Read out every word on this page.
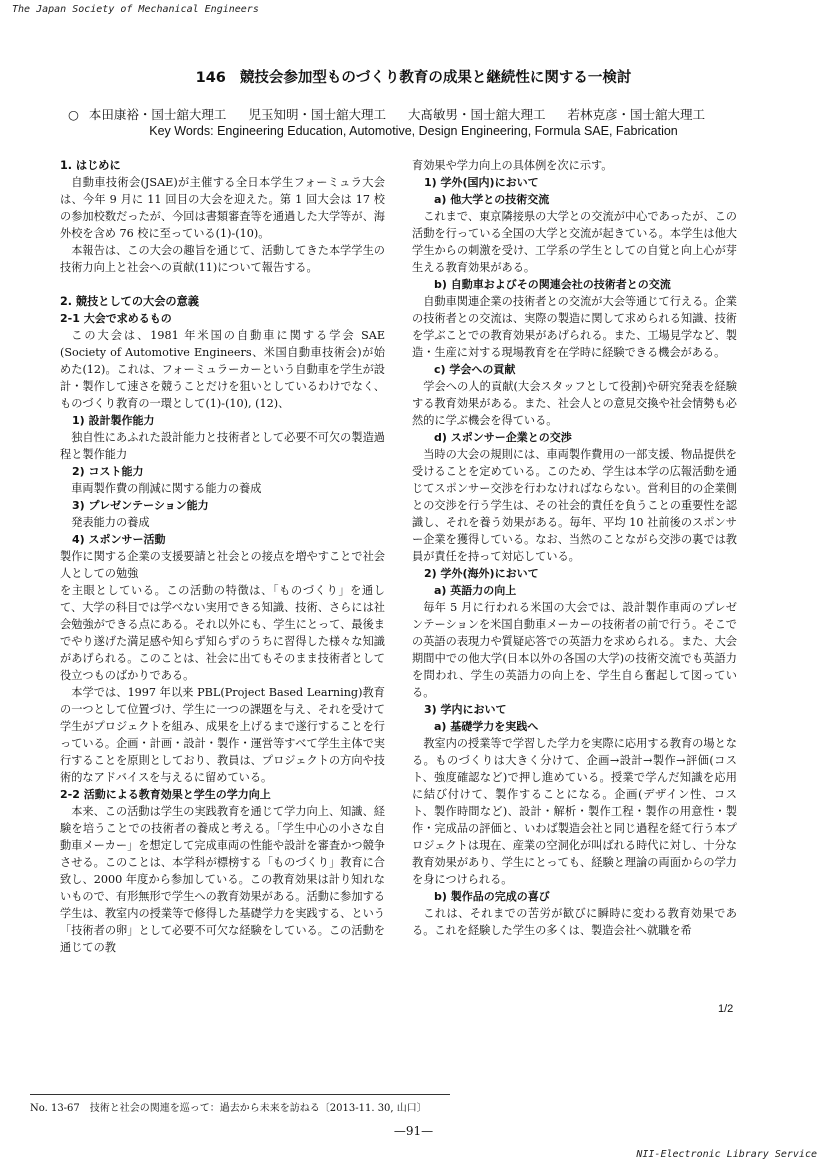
The Japan Society of Mechanical Engineers
146 競技会参加型ものづくり教育の成果と継続性に関する一検討
○ 本田康裕・国士舘大理工 児玉知明・国士舘大理工 大髙敏男・国士舘大理工 若林克彦・国士舘大理工
Key Words: Engineering Education, Automotive, Design Engineering, Formula SAE, Fabrication
1. はじめに

自動車技術会(JSAE)が主催する全日本学生フォーミュラ大会は、今年 9 月に 11 回目の大会を迎えた。第 1 回大会は 17 校の参加校数だったが、今回は書類審査等を通過した大学等が、海外校を含め 76 校に至っている(1)-(10)。

本報告は、この大会の趣旨を通じて、活動してきた本学学生の技術力向上と社会への貢献(11)について報告する。

2. 競技としての大会の意義
2-1 大会で求めるもの

この大会は、1981 年米国の自動車に関する学会 SAE (Society of Automotive Engineers、米国自動車技術会)が始めた(12)。これは、フォーミュラーカーという自動車を学生が設計・製作して速さを競うことだけを狙いとしているわけでなく、ものづくり教育の一環として(1)-(10), (12)、

1) 設計製作能力

独自性にあふれた設計能力と技術者として必要不可欠の製造過程と製作能力

2) コスト能力

車両製作費の削減に関する能力の養成

3) プレゼンテーション能力

発表能力の養成

4) スポンサー活動

製作に関する企業の支援要請と社会との接点を増やすことで社会人としての勉強

を主眼としている。この活動の特徴は、「ものづくり」を通して、大学の科目では学べない実用できる知識、技術、さらには社会勉強ができる点にある。それ以外にも、学生にとって、最後までやり遂げた満足感や知らず知らずのうちに習得した様々な知識があげられる。このことは、社会に出てもそのまま技術者として役立つものばかりである。

本学では、1997 年以来 PBL(Project Based Learning)教育の一つとして位置づけ、学生に一つの課題を与え、それを受けて学生がプロジェクトを組み、成果を上げるまで遂行することを行っている。企画・計画・設計・製作・運営等すべて学生主体で実行することを原則としており、教員は、プロジェクトの方向や技術的なアドバイスを与えるに留めている。

2-2 活動による教育効果と学生の学力向上

本来、この活動は学生の実践教育を通じて学力向上、知識、経験を培うことでの技術者の養成と考える。「学生中心の小さな自動車メーカー」を想定して完成車両の性能や設計を審査かつ競争させる。このことは、本学科が標榜する「ものづくり」教育に合致し、2000 年度から参加している。この教育効果は計り知れないもので、有形無形で学生への教育効果がある。活動に参加する学生は、教室内の授業等で修得した基礎学力を実践する、という「技術者の卵」として必要不可欠な経験をしている。この活動を通じての教

育効果や学力向上の具体例を次に示す。

1) 学外(国内)において
a) 他大学との技術交流

これまで、東京隣接県の大学との交流が中心であったが、この活動を行っている全国の大学と交流が起きている。本学生は他大学生からの刺激を受け、工学系の学生としての自覚と向上心が芽生える教育効果がある。

b) 自動車およびその関連会社の技術者との交流

自動車関連企業の技術者との交流が大会等通じて行える。企業の技術者との交流は、実際の製造に関して求められる知識、技術を学ぶことでの教育効果があげられる。また、工場見学など、製造・生産に対する現場教育を在学時に経験できる機会がある。

c) 学会への貢献

学会への人的貢献(大会スタッフとして役割)や研究発表を経験する教育効果がある。また、社会人との意見交換や社会情勢も必然的に学ぶ機会を得ている。

d) スポンサー企業との交渉

当時の大会の規則には、車両製作費用の一部支援、物品提供を受けることを定めている。このため、学生は本学の広報活動を通じてスポンサー交渉を行わなければならない。営利目的の企業側との交渉を行う学生は、その社会的責任を負うことの重要性を認識し、それを養う効果がある。毎年、平均 10 社前後のスポンサー企業を獲得している。なお、当然のことながら交渉の裏では教員が責任を持って対応している。

2) 学外(海外)において
a) 英語力の向上

毎年 5 月に行われる米国の大会では、設計製作車両のプレゼンテーションを米国自動車メーカーの技術者の前で行う。そこでの英語の表現力や質疑応答での英語力を求められる。また、大会期間中での他大学(日本以外の各国の大学)の技術交流でも英語力を問われ、学生の英語力の向上を、学生自ら奮起して図っている。

3) 学内において
a) 基礎学力を実践へ

教室内の授業等で学習した学力を実際に応用する教育の場となる。ものづくりは大きく分けて、企画→設計→製作→評価(コスト、強度確認など)で押し進めている。授業で学んだ知識を応用に結び付けて、製作することになる。企画(デザイン性、コスト、製作時間など)、設計・解析・製作工程・製作の用意性・製作・完成品の評価と、いわば製造会社と同じ過程を経て行う本プロジェクトは現在、産業の空洞化が叫ばれる時代に対し、十分な教育効果があり、学生にとっても、経験と理論の両面からの学力を身につけられる。

b) 製作品の完成の喜び

これは、それまでの苦労が歓びに瞬時に変わる教育効果である。これを経験した学生の多くは、製造会社へ就職を希

1/2
No. 13-67　技術と社会の関連を巡って：過去から未来を訪ねる〔2013-11. 30, 山口〕
—91—
NII-Electronic Library Service
